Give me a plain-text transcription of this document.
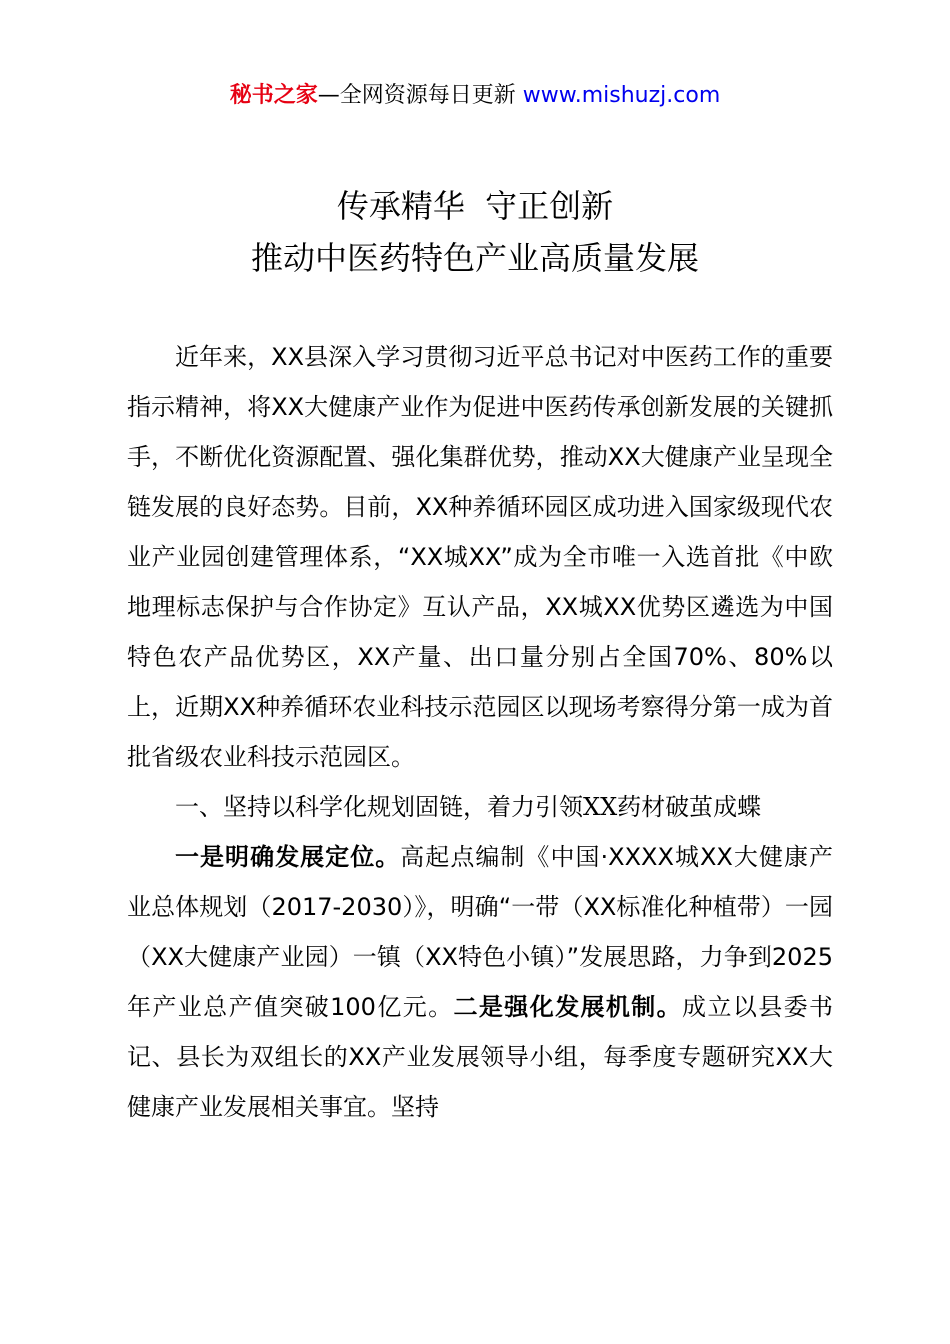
秘书之家—全网资源每日更新 www.mishuzj.com
传承精华  守正创新
推动中医药特色产业高质量发展

近年来，XX县深入学习贯彻习近平总书记对中医药工作的重要指示精神，将XX大健康产业作为促进中医药传承创新发展的关键抓手，不断优化资源配置、强化集群优势，推动XX大健康产业呈现全链发展的良好态势。目前，XX种养循环园区成功进入国家级现代农业产业园创建管理体系，“XX城XX”成为全市唯一入选首批《中欧地理标志保护与合作协定》互认产品，XX城XX优势区遴选为中国特色农产品优势区，XX产量、出口量分别占全国70%、80%以上，近期XX种养循环农业科技示范园区以现场考察得分第一成为首批省级农业科技示范园区。

一、坚持以科学化规划固链，着力引领XX药材破茧成蝶

一是明确发展定位。高起点编制《中国·XXXX城XX大健康产业总体规划（2017-2030）》，明确“一带（XX标准化种植带）一园（XX大健康产业园）一镇（XX特色小镇）”发展思路，力争到2025年产业总产值突破100亿元。二是强化发展机制。成立以县委书记、县长为双组长的XX产业发展领导小组，每季度专题研究XX大健康产业发展相关事宜。坚持
